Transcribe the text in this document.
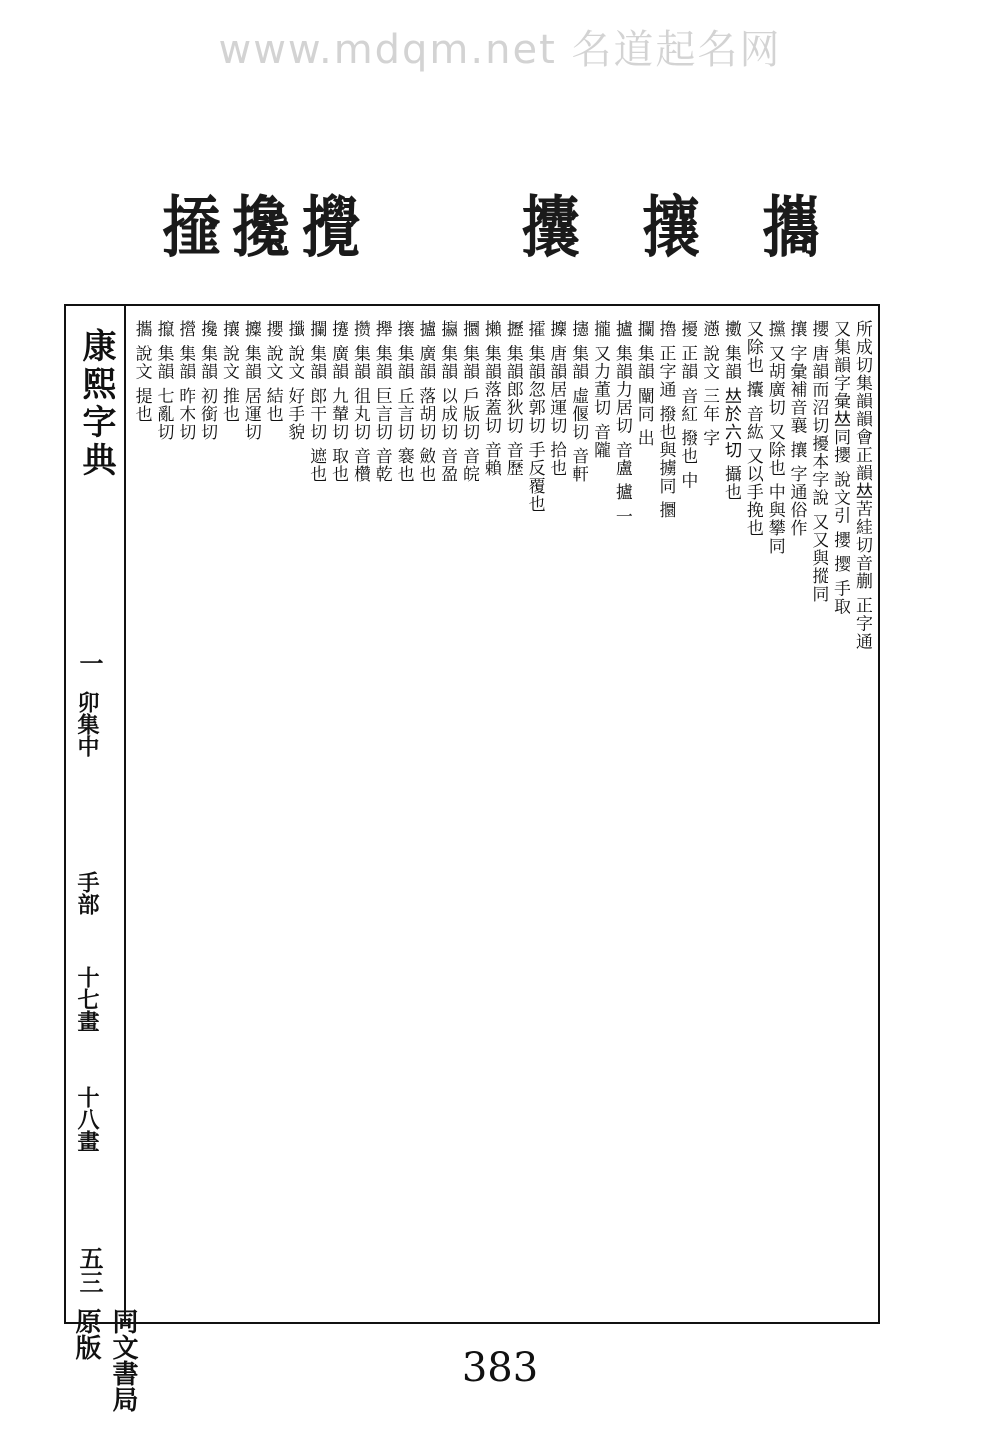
www.mdqm.net 名道起名网
𢶍 攙 攪	攮 攘 攜
康熙字典
一
卯集中
手部
十七畫
十八畫
五三
所成切集韻韻會正韻𠀤苦絓切音蒯 正字通
又集韻字彙𠀤同攖 說文引 攖 撄 手取
攖 唐韻而沼切擾本字說 又又與摐同
攘 字彙補音襄 攘 字通俗作
攩 又胡廣切 又除也 中與攀同
又除也 攮 音紘 又以手挽也
擻 集韻 𠀤於六切 攝也
懣 說文 三年 字
擾 正韻 音紅 撥也 中
擼 正字通 撥也與擄同 攌
攔 集韻 闡同 出
攎 集韻力居切 音盧 攎 一
攏 又力董切 音隴
攇 集韻 虛偃切 音軒
攈 唐韻居運切 拾也
攉 集韻忽郭切 手反覆也
攊 集韻郎狄切 音歷
攋 集韻落蓋切 音賴
攌 集韻 戶版切 音皖
攍 集韻 以成切 音盈
攎 廣韻 落胡切 斂也
攐 集韻 丘言切 褰也
攑 集韻 巨言切 音乾
攒 集韻 徂丸切 音欑
攓 廣韻 九輦切 取也
攔 集韻 郎干切 遮也
攕 說文 好手貌
攖 說文 結也
攗 集韻 居運切
攘 說文 推也
攙 集韻 初銜切
攚 集韻 昨木切
攛 集韻 七亂切
攜 說文 提也
同文書局原版
383
